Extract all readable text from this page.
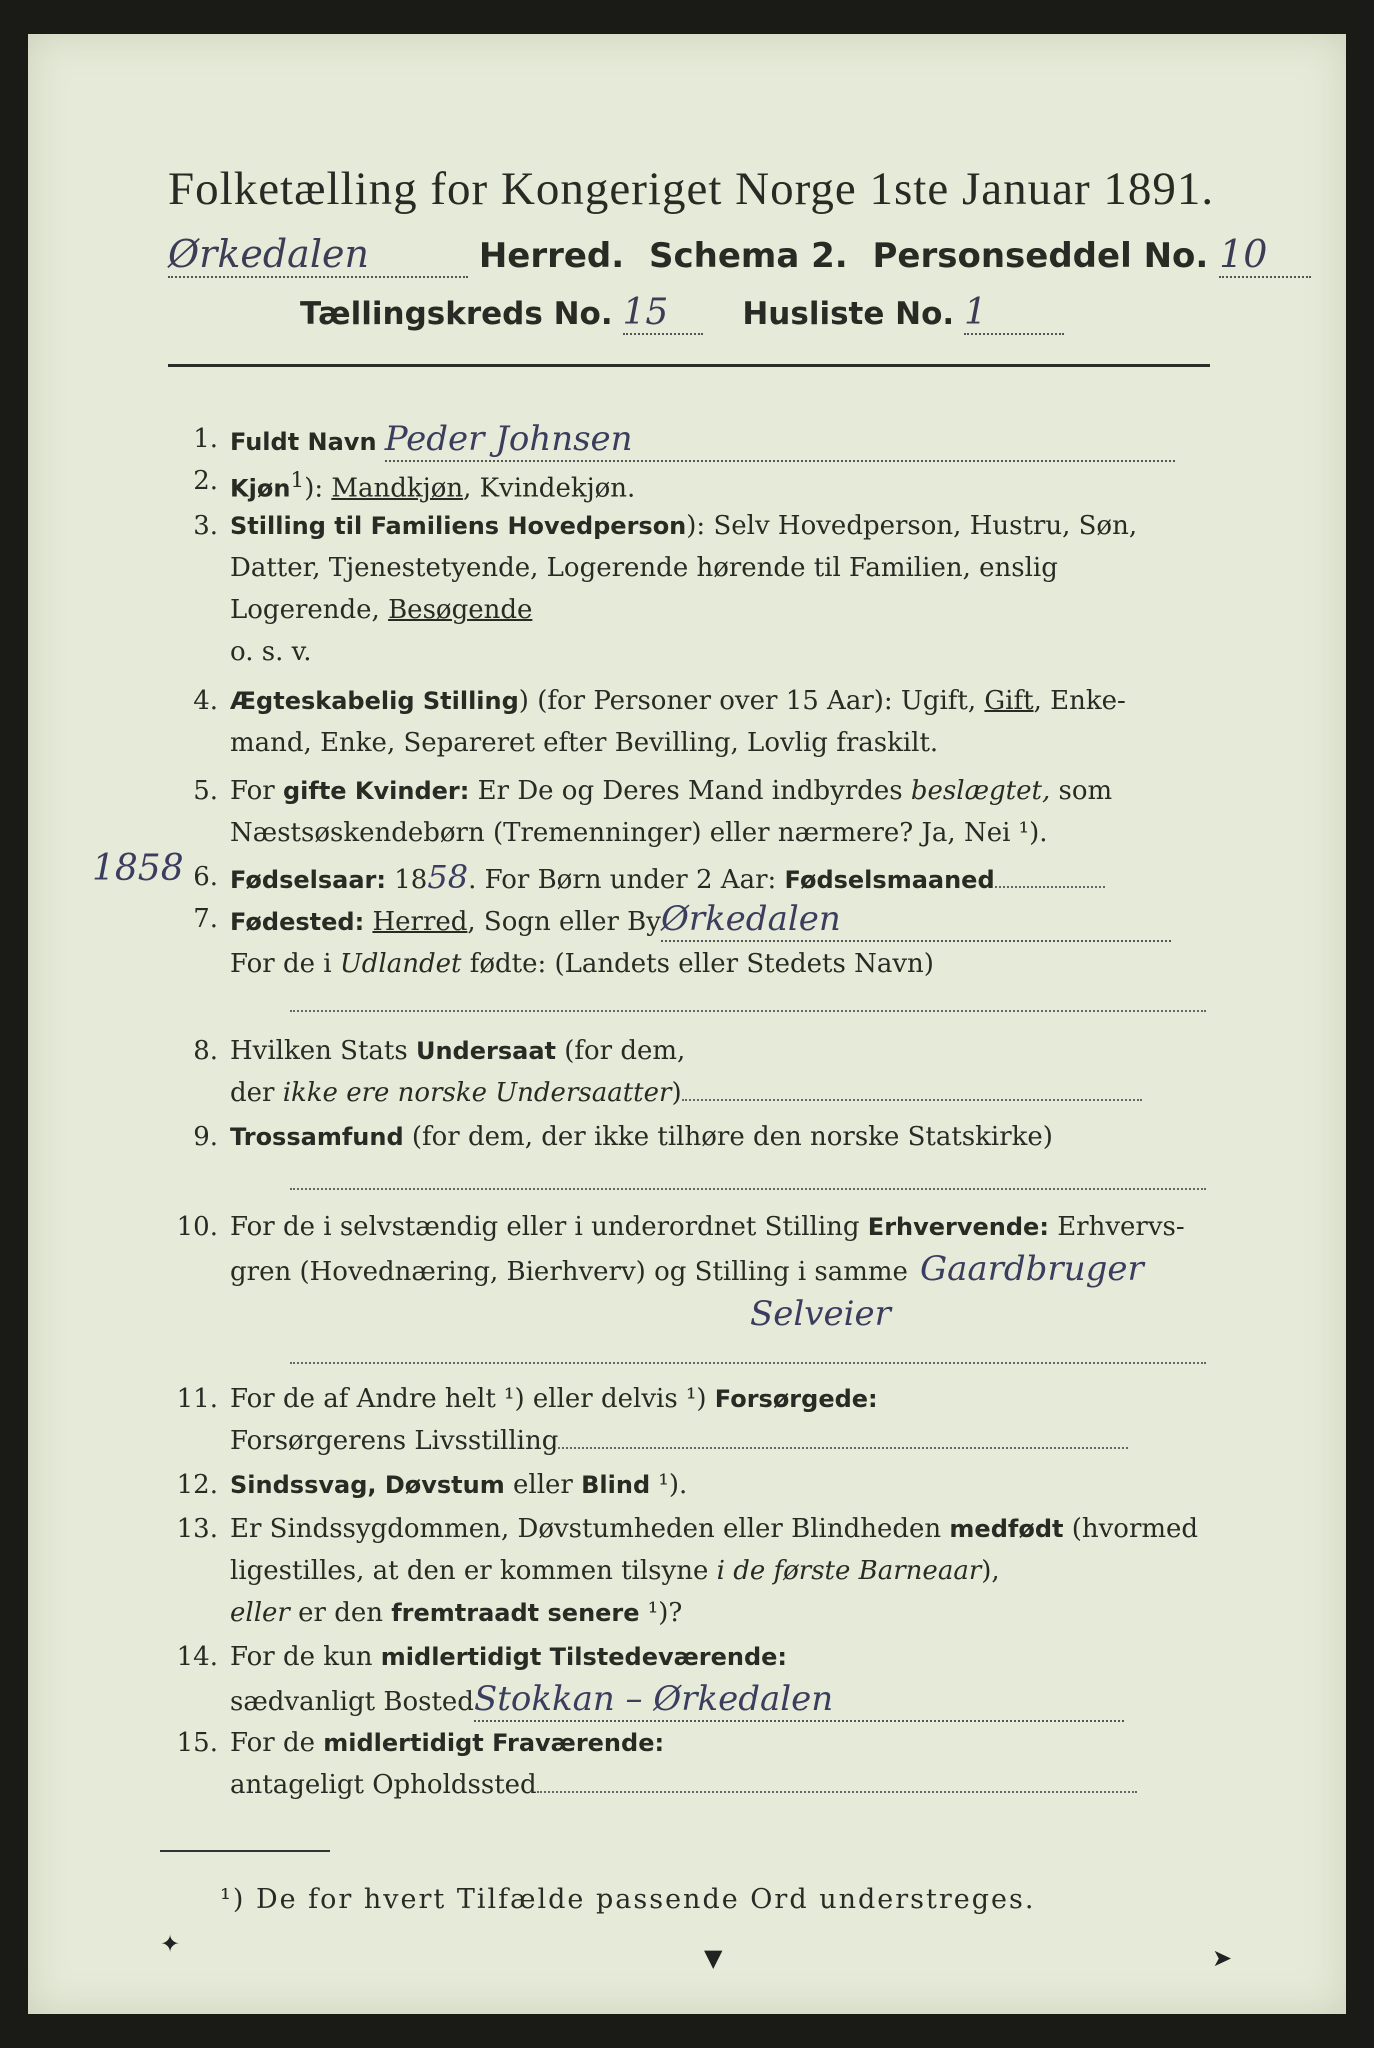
Folketælling for Kongeriget Norge 1ste Januar 1891.
Ørkedalen	Herred. Schema 2. Personseddel No. 10
Tællingskreds No. 15 Husliste No. 1
1858
1. Fuldt Navn Peder Johnsen
2. Kjøn$^1$): Mandkjøn, Kvindekjøn.
3. Stilling til Familiens Hovedperson): Selv Hovedperson, Hustru, Søn,
Datter, Tjenestetyende, Logerende hørende til Familien, enslig
Logerende, Besøgende
o. s. v.
4. Ægteskabelig Stilling) (for Personer over 15 Aar): Ugift, Gift, Enke-
mand, Enke, Separeret efter Bevilling, Lovlig fraskilt.
5. For gifte Kvinder: Er De og Deres Mand indbyrdes beslægtet, som
Næstsøskendebørn (Tremenninger) eller nærmere? Ja, Nei ¹).
6. Fødselsaar: 1858. For Børn under 2 Aar: Fødselsmaaned
7. Fødested: Herred, Sogn eller ByØrkedalen
For de i Udlandet fødte: (Landets eller Stedets Navn)
8. Hvilken Stats Undersaat (for dem,
der ikke ere norske Undersaatter)
9. Trossamfund (for dem, der ikke tilhøre den norske Statskirke)
10. For de i selvstændig eller i underordnet Stilling Erhvervende: Erhvervs-
gren (Hovednæring, Bierhverv) og Stilling i samme Gaardbruger
Selveier
11. For de af Andre helt ¹) eller delvis ¹) Forsørgede:
Forsørgerens Livsstilling
12. Sindssvag, Døvstum eller Blind ¹).
13. Er Sindssygdommen, Døvstumheden eller Blindheden medfødt (hvormed
ligestilles, at den er kommen tilsyne i de første Barneaar),
eller er den fremtraadt senere ¹)?
14. For de kun midlertidigt Tilstedeværende:
sædvanligt BostedStokkan – Ørkedalen
15. For de midlertidigt Fraværende:
antageligt Opholdssted
¹) De for hvert Tilfælde passende Ord understreges.
✦	▼	➤
